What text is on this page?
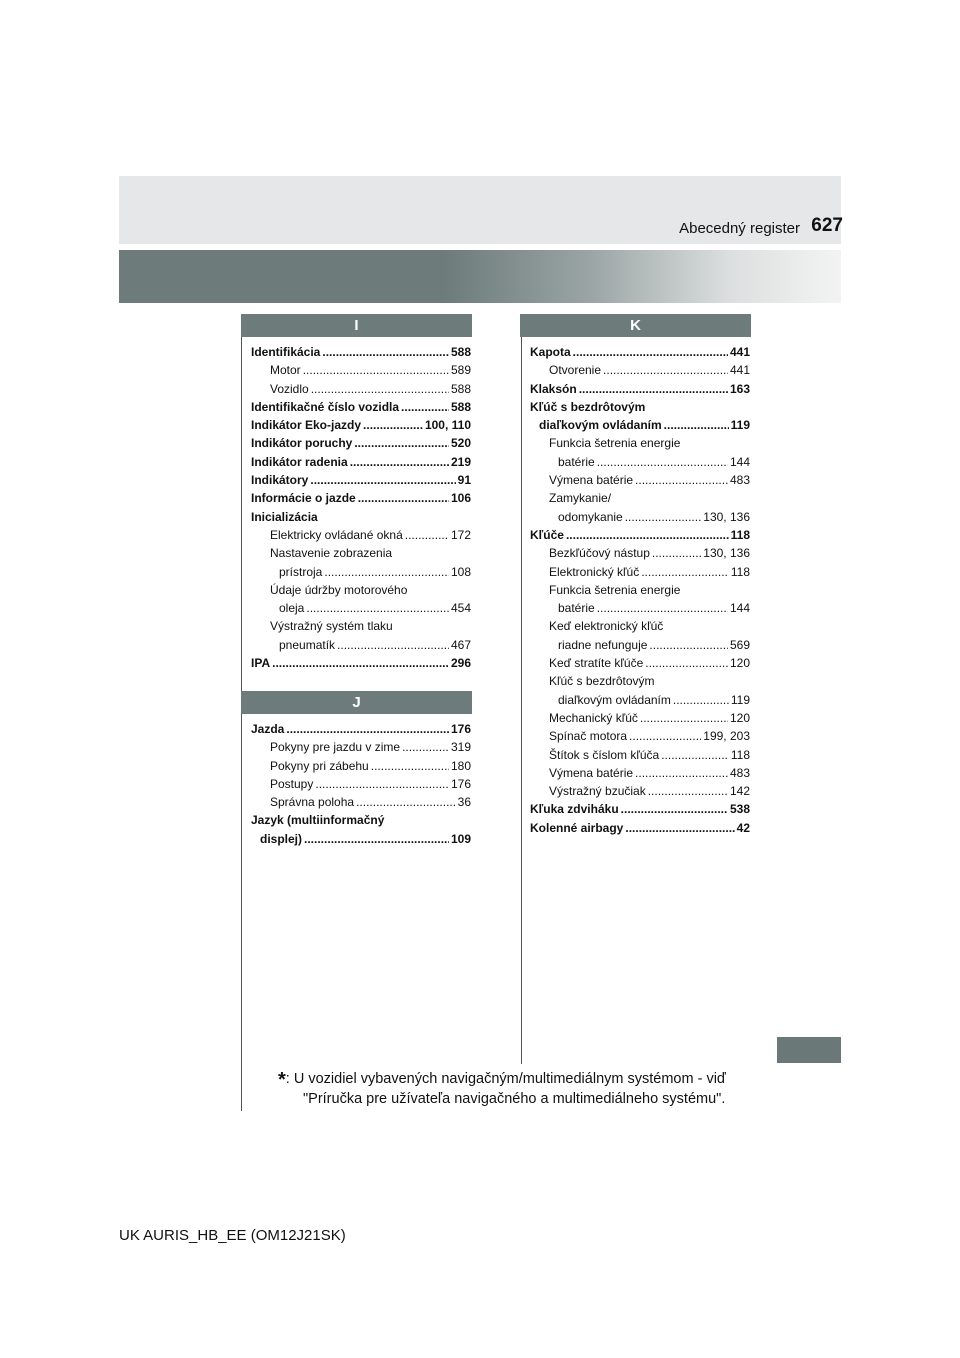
Abecedný register 627
I
Identifikácia .....	588
Motor .....	589
Vozidlo .....	588
Identifikačné číslo vozidla .....	588
Indikátor Eko-jazdy .....	100, 110
Indikátor poruchy .....	520
Indikátor radenia .....	219
Indikátory .....	91
Informácie o jazde .....	106
Inicializácia
Elektricky ovládané okná .....	172
Nastavenie zobrazenia
prístroja .....	108
Údaje údržby motorového
oleja .....	454
Výstražný systém tlaku
pneumatík .....	467
IPA .....	296
J
Jazda .....	176
Pokyny pre jazdu v zime .....	319
Pokyny pri zábehu .....	180
Postupy .....	176
Správna poloha .....	36
Jazyk (multiinformačný
displej) .....	109
K
Kapota .....	441
Otvorenie .....	441
Klaksón .....	163
Kľúč s bezdrôtovým
diaľkovým ovládaním .....	119
Funkcia šetrenia energie
batérie .....	144
Výmena batérie .....	483
Zamykanie/
odomykanie .....	130, 136
Kľúče .....	118
Bezkľúčový nástup .....	130, 136
Elektronický kľúč .....	118
Funkcia šetrenia energie
batérie .....	144
Keď elektronický kľúč
riadne nefunguje .....	569
Keď stratíte kľúče .....	120
Kľúč s bezdrôtovým
diaľkovým ovládaním .....	119
Mechanický kľúč .....	120
Spínač motora .....	199, 203
Štítok s číslom kľúča .....	118
Výmena batérie .....	483
Výstražný bzučiak .....	142
Kľuka zdviháku .....	538
Kolenné airbagy .....	42
*: U vozidiel vybavených navigačným/multimediálnym systémom - viď
"Príručka pre užívateľa navigačného a multimediálneho systému".
UK AURIS_HB_EE (OM12J21SK)
